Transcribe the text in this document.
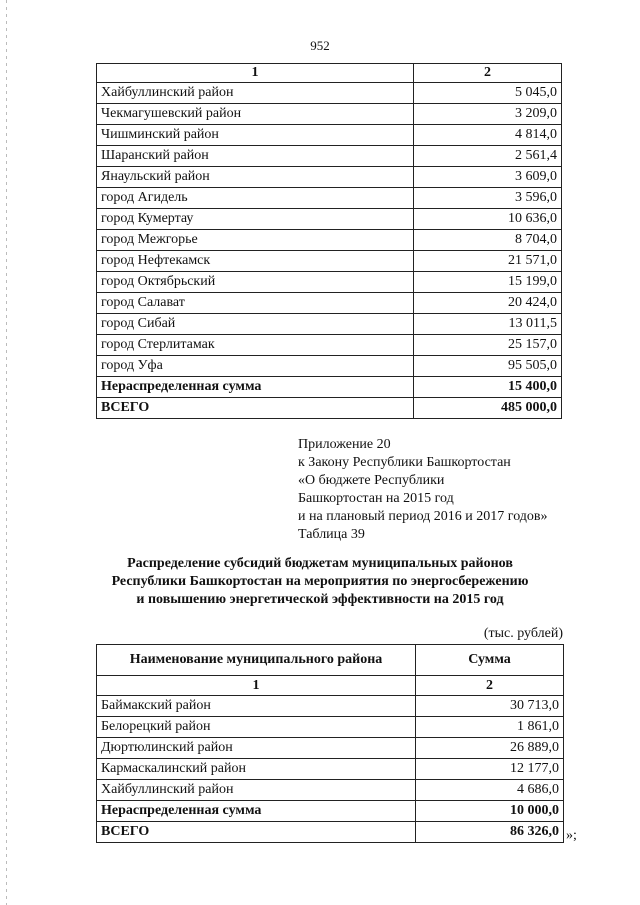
952
1	2
Хайбуллинский район	5 045,0
Чекмагушевский район	3 209,0
Чишминский район	4 814,0
Шаранский район	2 561,4
Янаульский район	3 609,0
город Агидель	3 596,0
город Кумертау	10 636,0
город Межгорье	8 704,0
город Нефтекамск	21 571,0
город Октябрьский	15 199,0
город Салават	20 424,0
город Сибай	13 011,5
город Стерлитамак	25 157,0
город Уфа	95 505,0
Нераспределенная сумма	15 400,0
ВСЕГО	485 000,0
Приложение 20
к Закону Республики Башкортостан
«О бюджете Республики
Башкортостан на 2015 год
и на плановый период 2016 и 2017 годов»
Таблица 39
Распределение субсидий бюджетам муниципальных районов
Республики Башкортостан на мероприятия по энергосбережению
и повышению энергетической эффективности на 2015 год
(тыс. рублей)
Наименование муниципального района	Сумма
1	2
Баймакский район	30 713,0
Белорецкий район	1 861,0
Дюртюлинский район	26 889,0
Кармаскалинский район	12 177,0
Хайбуллинский район	4 686,0
Нераспределенная сумма	10 000,0
ВСЕГО	86 326,0 »;
